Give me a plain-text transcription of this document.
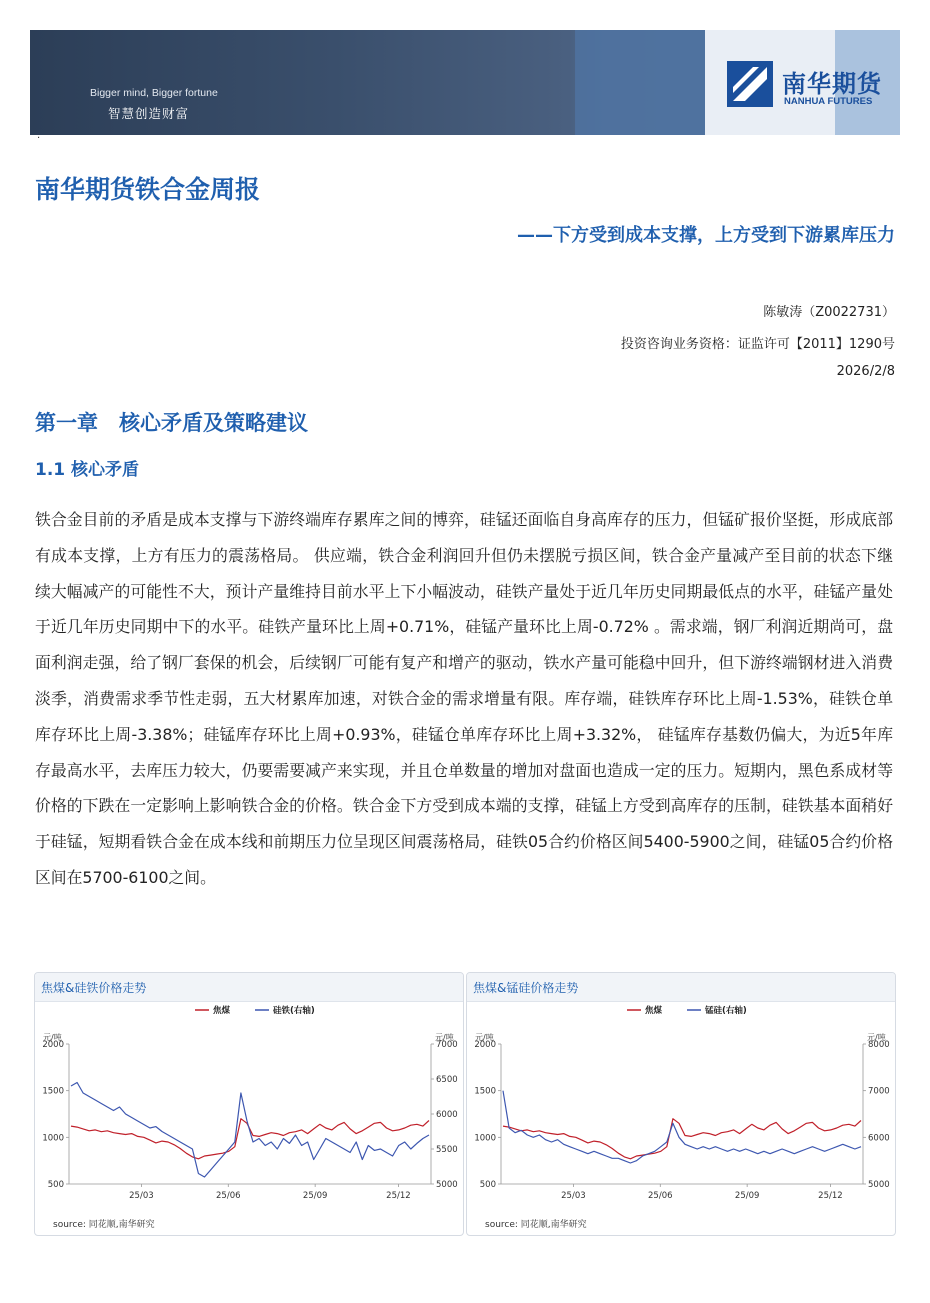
Bigger mind, Bigger fortune
智慧创造财富
南华期货
NANHUA FUTURES
·
南华期货铁合金周报
——下方受到成本支撑，上方受到下游累库压力
陈敏涛（Z0022731）
投资咨询业务资格：证监许可【2011】1290号
2026/2/8
第一章　核心矛盾及策略建议
1.1 核心矛盾
铁合金目前的矛盾是成本支撑与下游终端库存累库之间的博弈，硅锰还面临自身高库存的压力，但锰矿报价坚挺，形成底部有成本支撑，上方有压力的震荡格局。 供应端，铁合金利润回升但仍未摆脱亏损区间，铁合金产量减产至目前的状态下继续大幅减产的可能性不大，预计产量维持目前水平上下小幅波动，硅铁产量处于近几年历史同期最低点的水平，硅锰产量处于近几年历史同期中下的水平。硅铁产量环比上周+0.71%，硅锰产量环比上周-0.72% 。需求端，钢厂利润近期尚可，盘面利润走强，给了钢厂套保的机会，后续钢厂可能有复产和增产的驱动，铁水产量可能稳中回升，但下游终端钢材进入消费淡季，消费需求季节性走弱，五大材累库加速，对铁合金的需求增量有限。库存端，硅铁库存环比上周-1.53%，硅铁仓单库存环比上周-3.38%；硅锰库存环比上周+0.93%，硅锰仓单库存环比上周+3.32%， 硅锰库存基数仍偏大，为近5年库存最高水平，去库压力较大，仍要需要减产来实现，并且仓单数量的增加对盘面也造成一定的压力。短期内，黑色系成材等价格的下跌在一定影响上影响铁合金的价格。铁合金下方受到成本端的支撑，硅锰上方受到高库存的压制，硅铁基本面稍好于硅锰，短期看铁合金在成本线和前期压力位呈现区间震荡格局，硅铁05合约价格区间5400-5900之间，硅锰05合约价格区间在5700-6100之间。
焦煤&硅铁价格走势
元/吨	元/吨
500
1000
1500
2000
5000
5500
6000
6500
7000
25/03	25/06	25/09	25/12
焦煤	硅铁(右轴)
source: 同花顺,南华研究
焦煤&锰硅价格走势
元/吨	元/吨
500
1000
1500
2000
5000
6000
7000
8000
25/03	25/06	25/09	25/12
焦煤	锰硅(右轴)
source: 同花顺,南华研究
